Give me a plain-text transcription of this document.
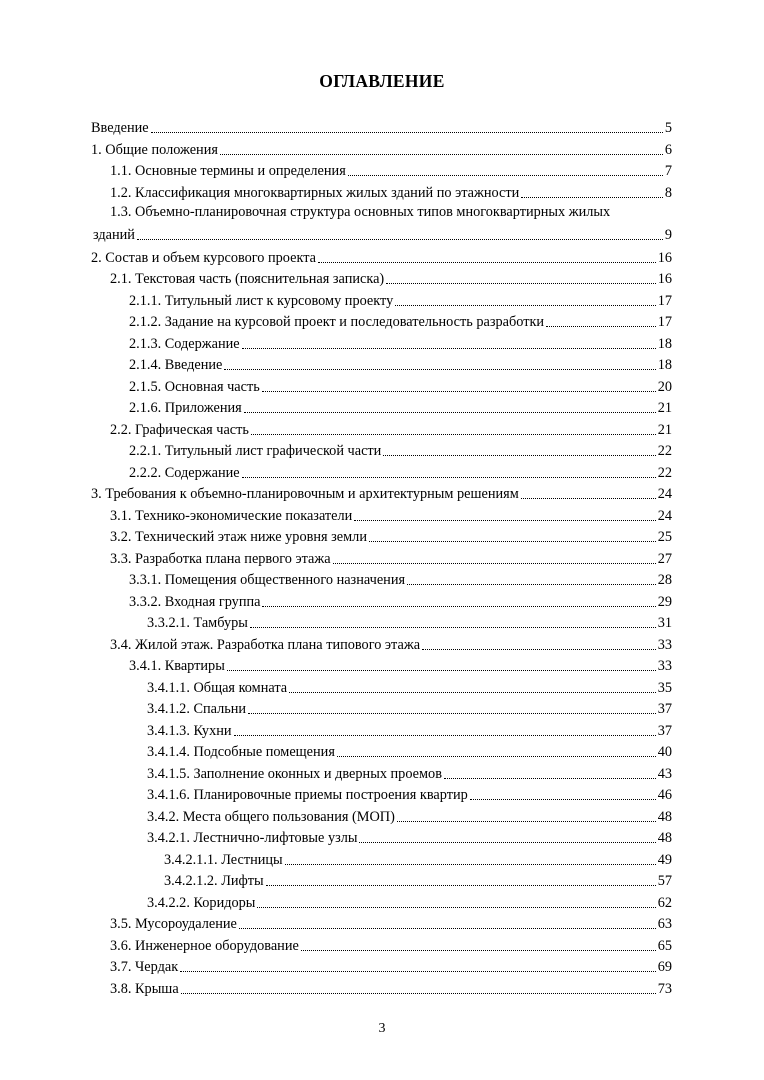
ОГЛАВЛЕНИЕ
Введение	5
1. Общие положения	6
1.1. Основные термины и определения	7
1.2. Классификация многоквартирных жилых зданий по этажности	8
1.3. Объемно-планировочная структура основных типов многоквартирных жилых
зданий	9
2. Состав и объем курсового проекта	16
2.1. Текстовая часть (пояснительная записка)	16
2.1.1. Титульный лист к курсовому проекту	17
2.1.2. Задание на курсовой проект и последовательность разработки	17
2.1.3. Содержание	18
2.1.4. Введение	18
2.1.5. Основная часть	20
2.1.6. Приложения	21
2.2. Графическая часть	21
2.2.1. Титульный лист графической части	22
2.2.2. Содержание	22
3. Требования к объемно-планировочным и архитектурным решениям	24
3.1. Технико-экономические показатели	24
3.2. Технический этаж ниже уровня земли	25
3.3. Разработка плана первого этажа	27
3.3.1. Помещения общественного назначения	28
3.3.2. Входная группа	29
3.3.2.1. Тамбуры	31
3.4. Жилой этаж. Разработка плана типового этажа	33
3.4.1. Квартиры	33
3.4.1.1. Общая комната	35
3.4.1.2. Спальни	37
3.4.1.3. Кухни	37
3.4.1.4. Подсобные помещения	40
3.4.1.5. Заполнение оконных и дверных проемов	43
3.4.1.6. Планировочные приемы построения квартир	46
3.4.2. Места общего пользования (МОП)	48
3.4.2.1. Лестнично-лифтовые узлы	48
3.4.2.1.1. Лестницы	49
3.4.2.1.2. Лифты	57
3.4.2.2. Коридоры	62
3.5. Мусороудаление	63
3.6. Инженерное оборудование	65
3.7. Чердак	69
3.8. Крыша	73
3
